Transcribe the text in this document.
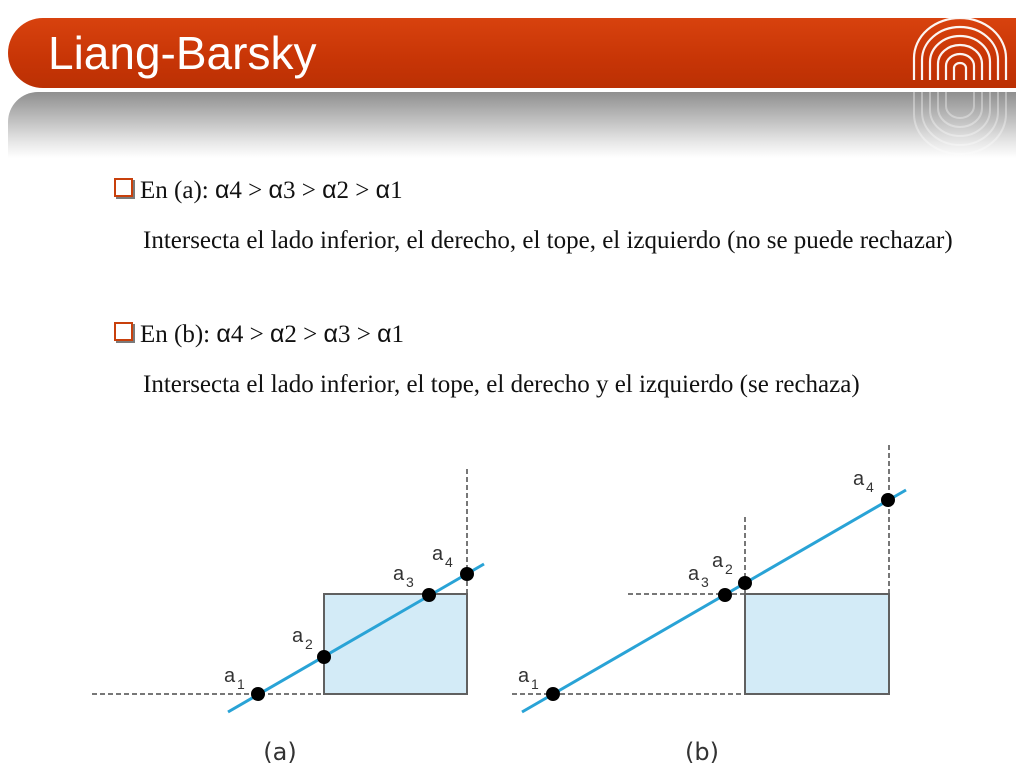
Liang-Barsky
En (a): α4 > α3 > α2 > α1
Intersecta el lado inferior, el derecho, el tope, el izquierdo (no se puede rechazar)
En (b): α4 > α2 > α3 > α1
Intersecta el lado inferior, el tope, el derecho y el izquierdo (se rechaza)
a 1
a 2
a 3
a 4
(a)
a 1
a 3
a 2
a 4
(b)
